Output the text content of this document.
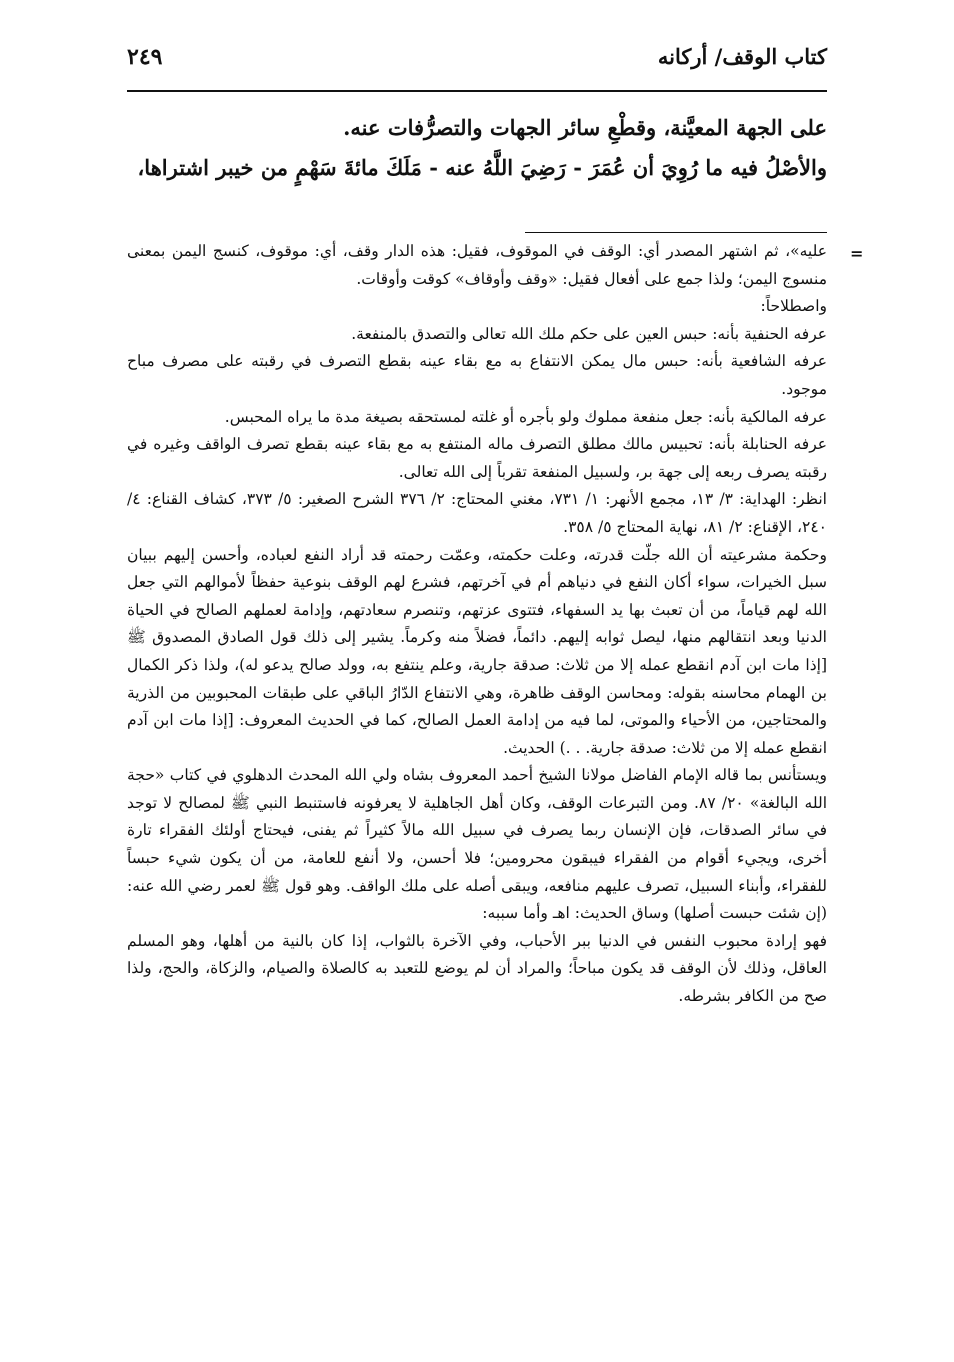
كتاب الوقف/ أركانه
٢٤٩

على الجهة المعيَّنة، وقطْعِ سائر الجهات والتصرُّفات عنه.

والأصْلُ فيه ما رُوِيَ أن عُمَرَ - رَضِيَ اللَّهُ عنه - مَلَكَ مائةَ سَهْمٍ من خيبر اشتراها،

=

عليه»، ثم اشتهر المصدر أي: الوقف في الموقوف، فقيل: هذه الدار وقف، أي: موقوف، كنسج اليمن بمعنى منسوج اليمن؛ ولذا جمع على أفعال فقيل: «وقف وأوقاف» كوقت وأوقات.

واصطلاحاً:

عرفه الحنفية بأنه: حبس العين على حكم ملك الله تعالى والتصدق بالمنفعة.

عرفه الشافعية بأنه: حبس مال يمكن الانتفاع به مع بقاء عينه بقطع التصرف في رقبته على مصرف مباح موجود.

عرفه المالكية بأنه: جعل منفعة مملوك ولو بأجره أو غلته لمستحقه بصيغة مدة ما يراه المحبس.

عرفه الحنابلة بأنه: تحبيس مالك مطلق التصرف ماله المنتفع به مع بقاء عينه بقطع تصرف الواقف وغيره في رقبته يصرف ربعه إلى جهة بر، ولسبيل المنفعة تقرباً إلى الله تعالى.

انظر: الهداية: ٣/ ١٣، مجمع الأنهر: ١/ ٧٣١، مغني المحتاج: ٢/ ٣٧٦ الشرح الصغير: ٥/ ٣٧٣، كشاف القناع: ٤/ ٢٤٠، الإقناع: ٢/ ٨١، نهاية المحتاج ٥/ ٣٥٨.

وحكمة مشرعيته أن الله جلّت قدرته، وعلت حكمته، وعمّت رحمته قد أراد النفع لعباده، وأحسن إليهم ببيان سبل الخيرات، سواء أكان النفع في دنياهم أم في آخرتهم، فشرع لهم الوقف بنوعية حفظاً لأموالهم التي جعل الله لهم قياماً، من أن تعبث بها يد السفهاء، فتتوى عزتهم، وتنصرم سعادتهم، وإدامة لعملهم الصالح في الحياة الدنيا وبعد انتقالهم منها، ليصل ثوابه إليهم. دائماً، فضلاً منه وكرماً. يشير إلى ذلك قول الصادق المصدوق ﷺ [إذا مات ابن آدم انقطع عمله إلا من ثلاث: صدقة جارية، وعلم ينتفع به، وولد صالح يدعو له)، ولذا ذكر الكمال بن الهمام محاسنه بقوله: ومحاسن الوقف ظاهرة، وهي الانتفاع الدّارُ الباقي على طبقات المحبوبين من الذرية والمحتاجين، من الأحياء والموتى، لما فيه من إدامة العمل الصالح، كما في الحديث المعروف: [إذا مات ابن آدم انقطع عمله إلا من ثلاث: صدقة جارية. . .) الحديث.

ويستأنس بما قاله الإمام الفاضل مولانا الشيخ أحمد المعروف بشاه ولي الله المحدث الدهلوي في كتاب «حجة الله البالغة» ٢٠/ ٨٧. ومن التبرعات الوقف، وكان أهل الجاهلية لا يعرفونه فاستنبط النبي ﷺ لمصالح لا توجد في سائر الصدقات، فإن الإنسان ربما يصرف في سبيل الله مالاً كثيراً ثم يفنى، فيحتاج أولئك الفقراء تارة أخرى، ويجيء أقوام من الفقراء فيبقون محرومين؛ فلا أحسن، ولا أنفع للعامة، من أن يكون شيء حبساً للفقراء، وأبناء السبيل، تصرف عليهم منافعه، ويبقى أصله على ملك الواقف. وهو قول ﷺ لعمر رضي الله عنه: (إن شئت حبست أصلها) وساق الحديث: اهـ وأما سببه:

فهو إرادة محبوب النفس في الدنيا ببر الأحباب، وفي الآخرة بالثواب، إذا كان بالنية من أهلها، وهو المسلم العاقل، وذلك لأن الوقف قد يكون مباحاً؛ والمراد أن لم يوضع للتعبد به كالصلاة والصيام، والزكاة، والحج، ولذا صح من الكافر بشرطه.
